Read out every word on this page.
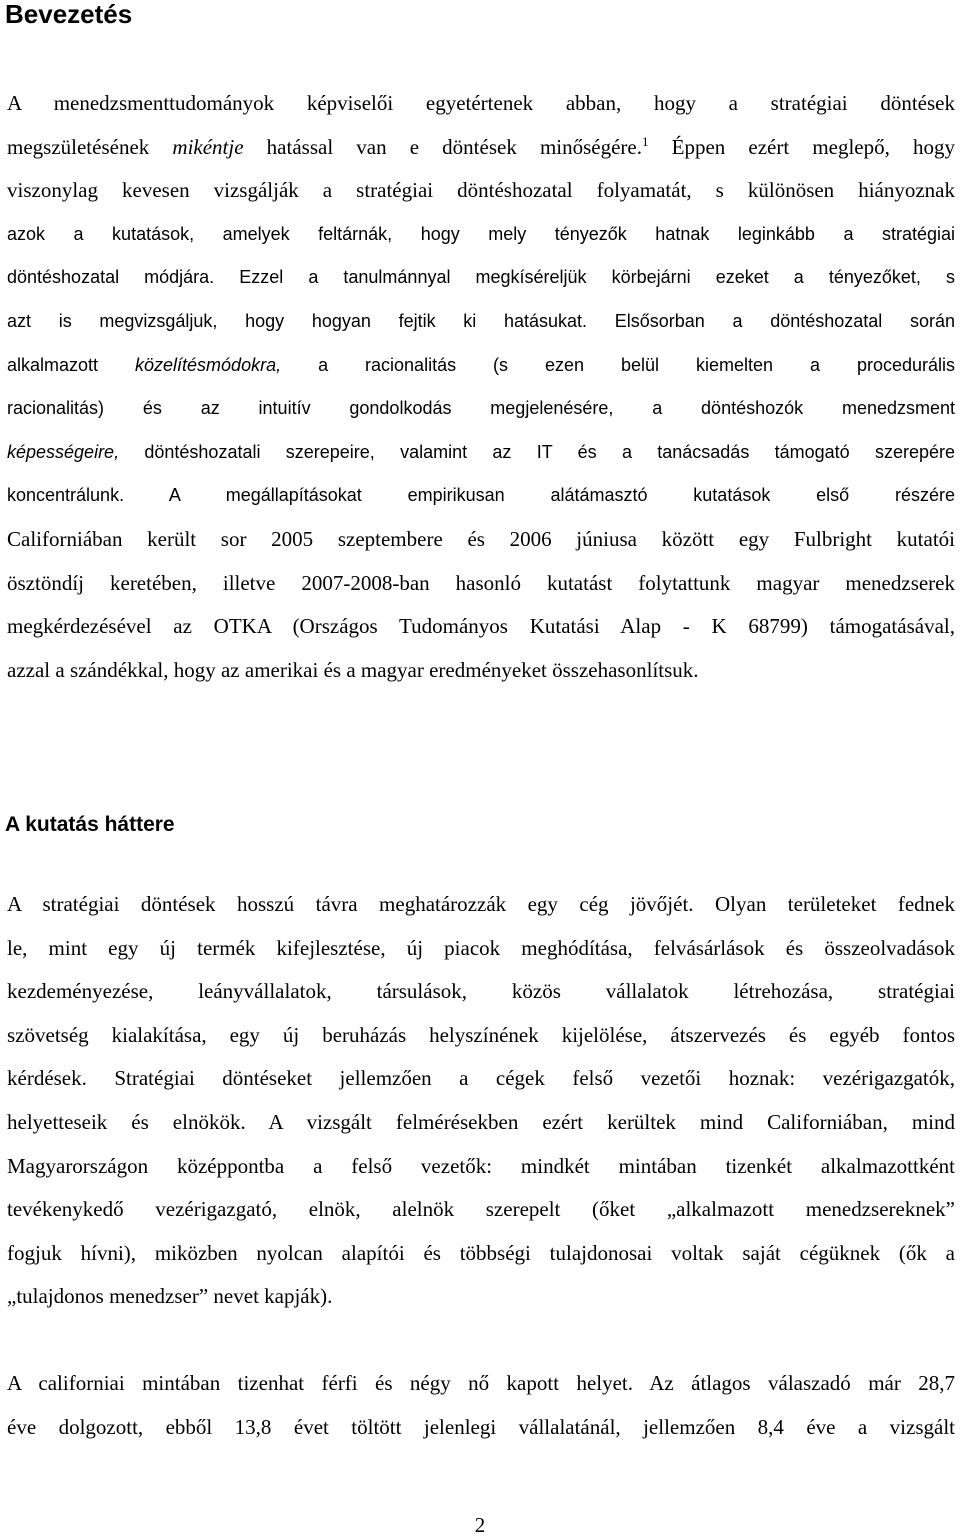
Bevezetés
A menedzsmenttudományok képviselői egyetértenek abban, hogy a stratégiai döntések
megszületésének mikéntje hatással van e döntések minőségére.$^1$ Éppen ezért meglepő, hogy
viszonylag kevesen vizsgálják a stratégiai döntéshozatal folyamatát, s különösen hiányoznak
azok a kutatások, amelyek feltárnák, hogy mely tényezők hatnak leginkább a stratégiai
döntéshozatal módjára. Ezzel a tanulmánnyal megkíséreljük körbejárni ezeket a tényezőket, s
azt is megvizsgáljuk, hogy hogyan fejtik ki hatásukat. Elsősorban a döntéshozatal során
alkalmazott közelítésmódokra, a racionalitás (s ezen belül kiemelten a procedurális
racionalitás) és az intuitív gondolkodás megjelenésére, a döntéshozók menedzsment
képességeire, döntéshozatali szerepeire, valamint az IT és a tanácsadás támogató szerepére
koncentrálunk. A megállapításokat empirikusan alátámasztó kutatások első részére
Californiában került sor 2005 szeptembere és 2006 júniusa között egy Fulbright kutatói
ösztöndíj keretében, illetve 2007-2008-ban hasonló kutatást folytattunk magyar menedzserek
megkérdezésével az OTKA (Országos Tudományos Kutatási Alap - K 68799) támogatásával,
azzal a szándékkal, hogy az amerikai és a magyar eredményeket összehasonlítsuk.
A kutatás háttere
A stratégiai döntések hosszú távra meghatározzák egy cég jövőjét. Olyan területeket fednek
le, mint egy új termék kifejlesztése, új piacok meghódítása, felvásárlások és összeolvadások
kezdeményezése, leányvállalatok, társulások, közös vállalatok létrehozása, stratégiai
szövetség kialakítása, egy új beruházás helyszínének kijelölése, átszervezés és egyéb fontos
kérdések. Stratégiai döntéseket jellemzően a cégek felső vezetői hoznak: vezérigazgatók,
helyetteseik és elnökök. A vizsgált felmérésekben ezért kerültek mind Californiában, mind
Magyarországon középpontba a felső vezetők: mindkét mintában tizenkét alkalmazottként
tevékenykedő vezérigazgató, elnök, alelnök szerepelt (őket „alkalmazott menedzsereknek”
fogjuk hívni), miközben nyolcan alapítói és többségi tulajdonosai voltak saját cégüknek (ők a
„tulajdonos menedzser” nevet kapják).
A californiai mintában tizenhat férfi és négy nő kapott helyet. Az átlagos válaszadó már 28,7
éve dolgozott, ebből 13,8 évet töltött jelenlegi vállalatánál, jellemzően 8,4 éve a vizsgált

2
